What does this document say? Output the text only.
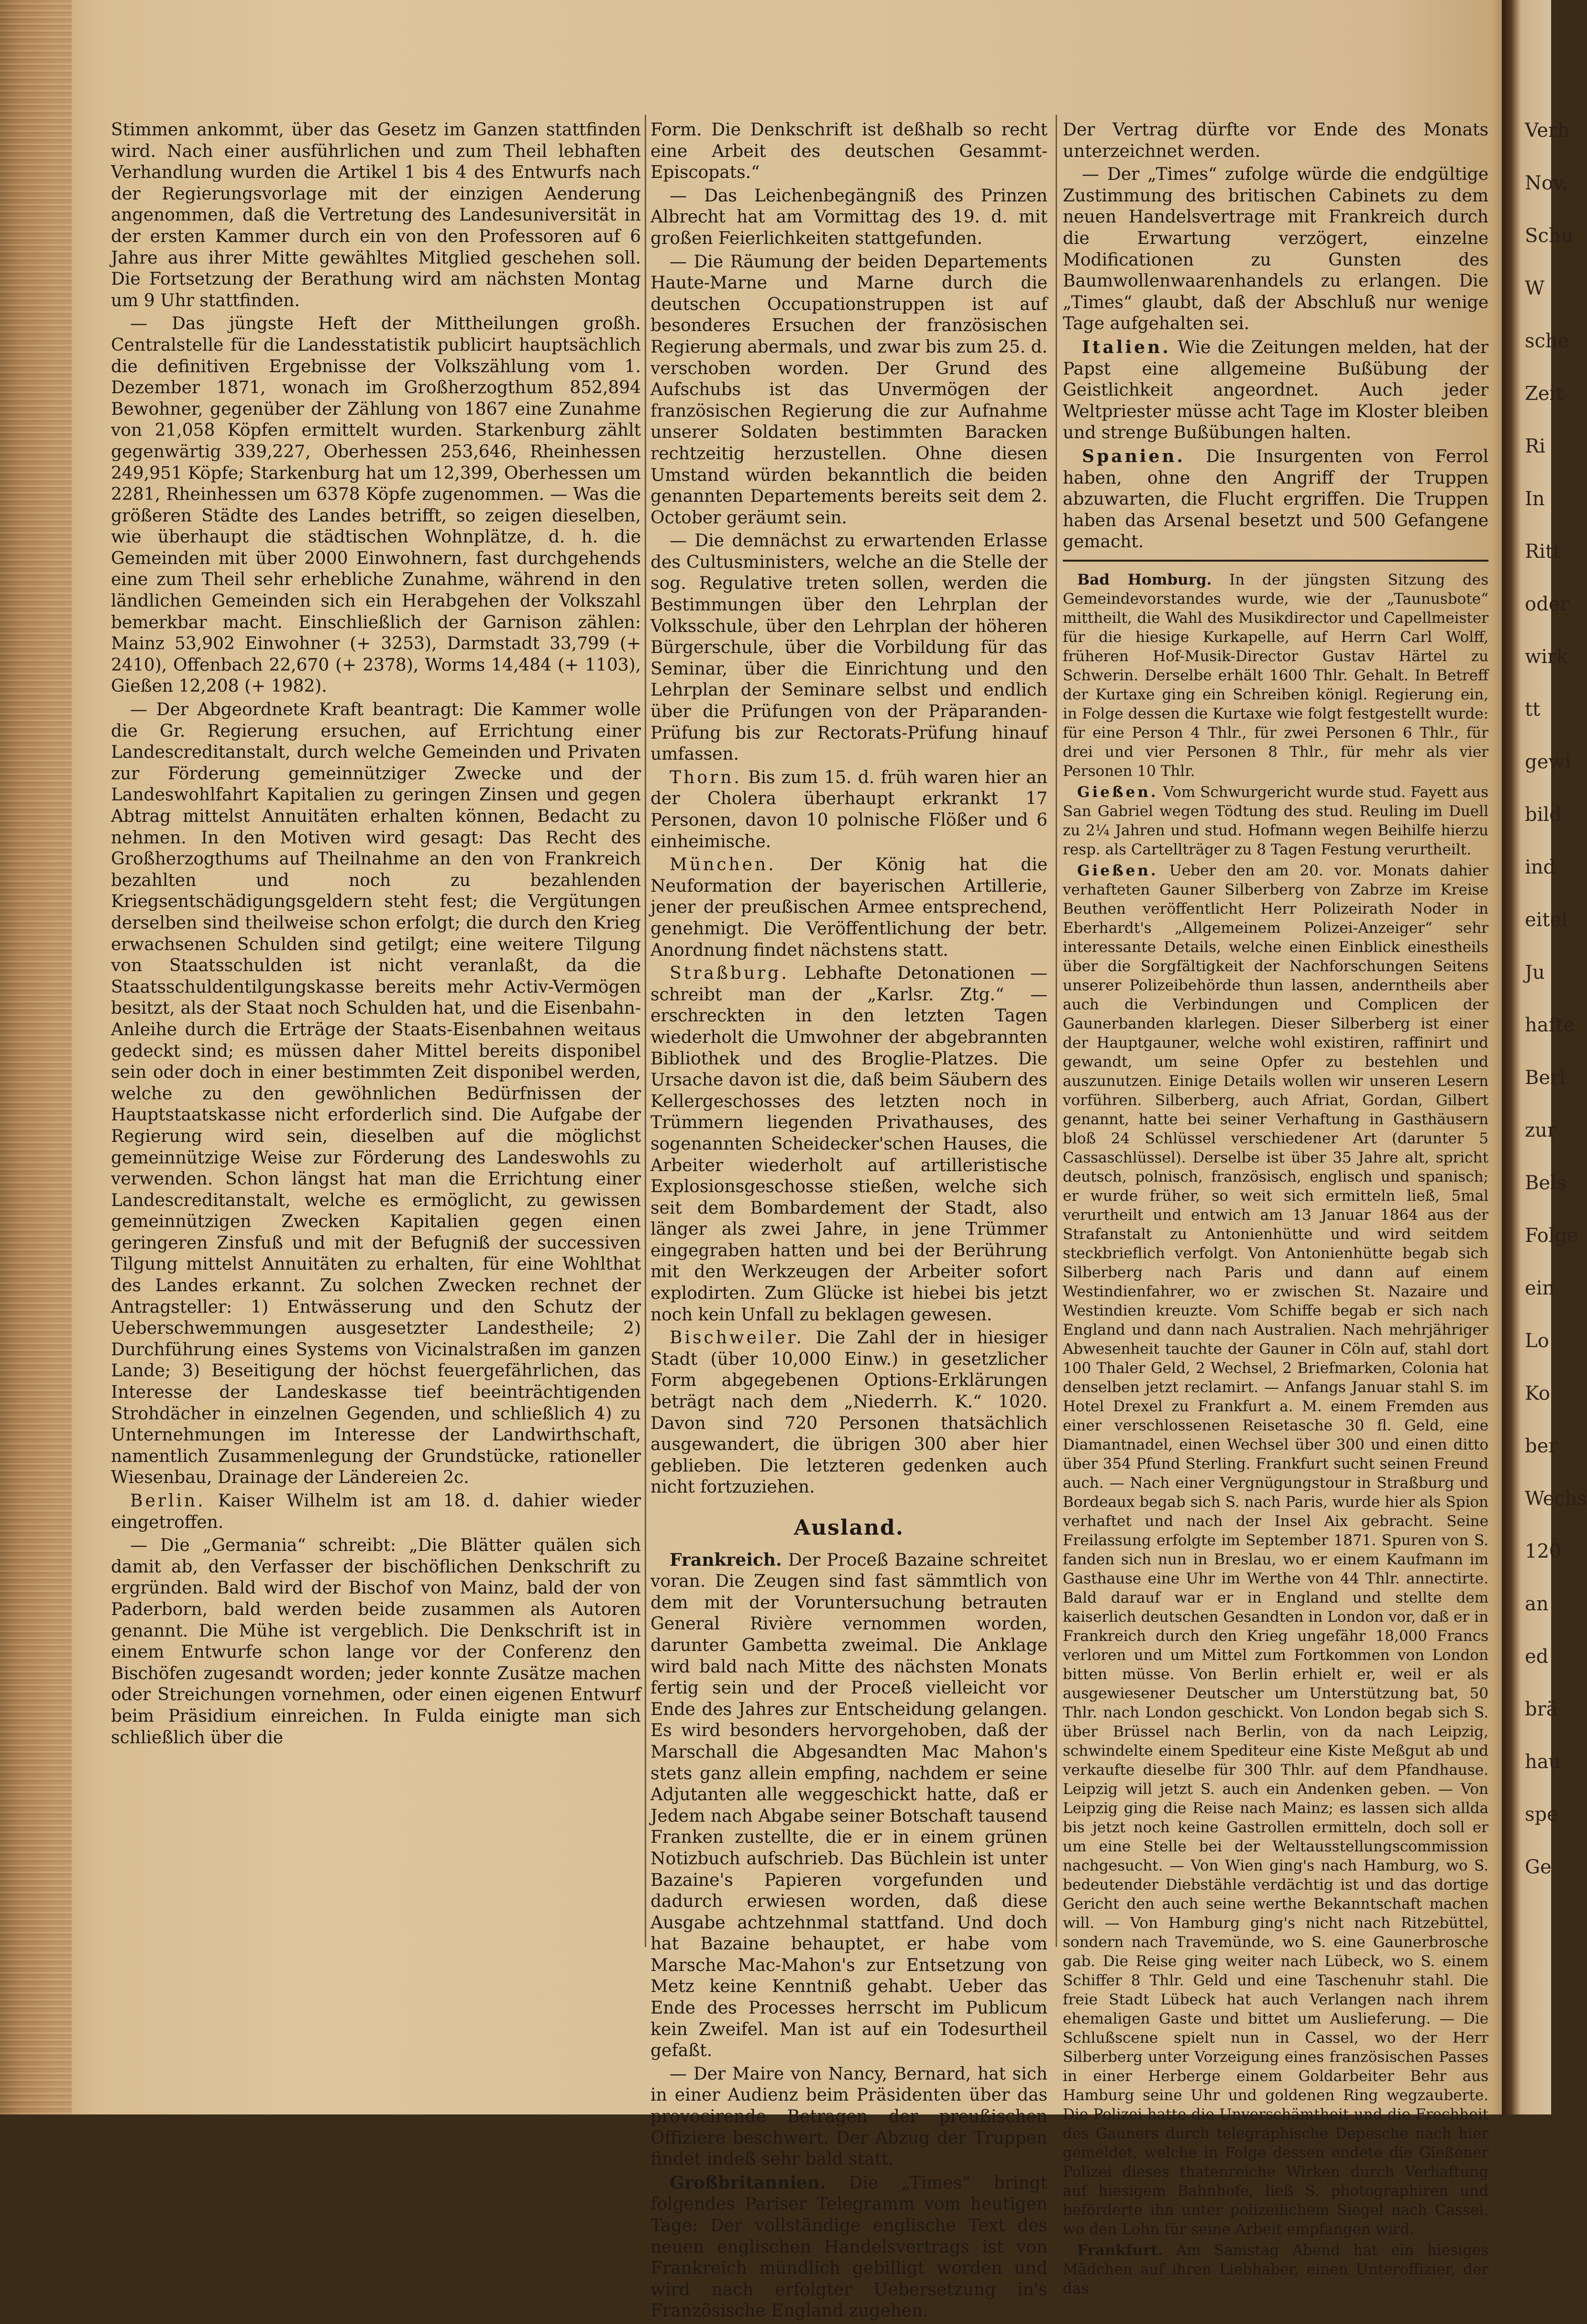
Stimmen ankommt, über das Gesetz im Ganzen stattfinden wird. Nach einer ausführlichen und zum Theil lebhaften Verhandlung wurden die Artikel 1 bis 4 des Entwurfs nach der Regierungsvorlage mit der einzigen Aenderung angenommen, daß die Vertretung des Landesuniversität in der ersten Kammer durch ein von den Professoren auf 6 Jahre aus ihrer Mitte gewähltes Mitglied geschehen soll. Die Fortsetzung der Berathung wird am nächsten Montag um 9 Uhr stattfinden.

— Das jüngste Heft der Mittheilungen großh. Centralstelle für die Landesstatistik publicirt hauptsächlich die definitiven Ergebnisse der Volkszählung vom 1. Dezember 1871, wonach im Großherzogthum 852,894 Bewohner, gegenüber der Zählung von 1867 eine Zunahme von 21,058 Köpfen ermittelt wurden. Starkenburg zählt gegenwärtig 339,227, Oberhessen 253,646, Rheinhessen 249,951 Köpfe; Starkenburg hat um 12,399, Oberhessen um 2281, Rheinhessen um 6378 Köpfe zugenommen. — Was die größeren Städte des Landes betrifft, so zeigen dieselben, wie überhaupt die städtischen Wohnplätze, d. h. die Gemeinden mit über 2000 Einwohnern, fast durchgehends eine zum Theil sehr erhebliche Zunahme, während in den ländlichen Gemeinden sich ein Herabgehen der Volkszahl bemerkbar macht. Einschließlich der Garnison zählen: Mainz 53,902 Einwohner (+ 3253), Darmstadt 33,799 (+ 2410), Offenbach 22,670 (+ 2378), Worms 14,484 (+ 1103), Gießen 12,208 (+ 1982).

— Der Abgeordnete Kraft beantragt: Die Kammer wolle die Gr. Regierung ersuchen, auf Errichtung einer Landescreditanstalt, durch welche Gemeinden und Privaten zur Förderung gemeinnütziger Zwecke und der Landeswohlfahrt Kapitalien zu geringen Zinsen und gegen Abtrag mittelst Annuitäten erhalten können, Bedacht zu nehmen. In den Motiven wird gesagt: Das Recht des Großherzogthums auf Theilnahme an den von Frankreich bezahlten und noch zu bezahlenden Kriegsentschädigungsgeldern steht fest; die Vergütungen derselben sind theilweise schon erfolgt; die durch den Krieg erwachsenen Schulden sind getilgt; eine weitere Tilgung von Staatsschulden ist nicht veranlaßt, da die Staatsschuldentilgungskasse bereits mehr Activ-Vermögen besitzt, als der Staat noch Schulden hat, und die Eisenbahn-Anleihe durch die Erträge der Staats-Eisenbahnen weitaus gedeckt sind; es müssen daher Mittel bereits disponibel sein oder doch in einer bestimmten Zeit disponibel werden, welche zu den gewöhnlichen Bedürfnissen der Hauptstaatskasse nicht erforderlich sind. Die Aufgabe der Regierung wird sein, dieselben auf die möglichst gemeinnützige Weise zur Förderung des Landeswohls zu verwenden. Schon längst hat man die Errichtung einer Landescreditanstalt, welche es ermöglicht, zu gewissen gemeinnützigen Zwecken Kapitalien gegen einen geringeren Zinsfuß und mit der Befugniß der successiven Tilgung mittelst Annuitäten zu erhalten, für eine Wohlthat des Landes erkannt. Zu solchen Zwecken rechnet der Antragsteller: 1) Entwässerung und den Schutz der Ueberschwemmungen ausgesetzter Landestheile; 2) Durchführung eines Systems von Vicinalstraßen im ganzen Lande; 3) Beseitigung der höchst feuergefährlichen, das Interesse der Landeskasse tief beeinträchtigenden Strohdächer in einzelnen Gegenden, und schließlich 4) zu Unternehmungen im Interesse der Landwirthschaft, namentlich Zusammenlegung der Grundstücke, rationeller Wiesenbau, Drainage der Ländereien 2c.

Berlin. Kaiser Wilhelm ist am 18. d. dahier wieder eingetroffen.

— Die „Germania“ schreibt: „Die Blätter quälen sich damit ab, den Verfasser der bischöflichen Denkschrift zu ergründen. Bald wird der Bischof von Mainz, bald der von Paderborn, bald werden beide zusammen als Autoren genannt. Die Mühe ist vergeblich. Die Denkschrift ist in einem Entwurfe schon lange vor der Conferenz den Bischöfen zugesandt worden; jeder konnte Zusätze machen oder Streichungen vornehmen, oder einen eigenen Entwurf beim Präsidium einreichen. In Fulda einigte man sich schließlich über die

Form. Die Denkschrift ist deßhalb so recht eine Arbeit des deutschen Gesammt-Episcopats.“

— Das Leichenbegängniß des Prinzen Albrecht hat am Vormittag des 19. d. mit großen Feierlichkeiten stattgefunden.

— Die Räumung der beiden Departements Haute-Marne und Marne durch die deutschen Occupationstruppen ist auf besonderes Ersuchen der französischen Regierung abermals, und zwar bis zum 25. d. verschoben worden. Der Grund des Aufschubs ist das Unvermögen der französischen Regierung die zur Aufnahme unserer Soldaten bestimmten Baracken rechtzeitig herzustellen. Ohne diesen Umstand würden bekanntlich die beiden genannten Departements bereits seit dem 2. October geräumt sein.

— Die demnächst zu erwartenden Erlasse des Cultusministers, welche an die Stelle der sog. Regulative treten sollen, werden die Bestimmungen über den Lehrplan der Volksschule, über den Lehrplan der höheren Bürgerschule, über die Vorbildung für das Seminar, über die Einrichtung und den Lehrplan der Seminare selbst und endlich über die Prüfungen von der Präparanden-Prüfung bis zur Rectorats-Prüfung hinauf umfassen.

Thorn. Bis zum 15. d. früh waren hier an der Cholera überhaupt erkrankt 17 Personen, davon 10 polnische Flößer und 6 einheimische.

München. Der König hat die Neuformation der bayerischen Artillerie, jener der preußischen Armee entsprechend, genehmigt. Die Veröffentlichung der betr. Anordnung findet nächstens statt.

Straßburg. Lebhafte Detonationen — schreibt man der „Karlsr. Ztg.“ — erschreckten in den letzten Tagen wiederholt die Umwohner der abgebrannten Bibliothek und des Broglie-Platzes. Die Ursache davon ist die, daß beim Säubern des Kellergeschosses des letzten noch in Trümmern liegenden Privathauses, des sogenannten Scheidecker'schen Hauses, die Arbeiter wiederholt auf artilleristische Explosionsgeschosse stießen, welche sich seit dem Bombardement der Stadt, also länger als zwei Jahre, in jene Trümmer eingegraben hatten und bei der Berührung mit den Werkzeugen der Arbeiter sofort explodirten. Zum Glücke ist hiebei bis jetzt noch kein Unfall zu beklagen gewesen.

Bischweiler. Die Zahl der in hiesiger Stadt (über 10,000 Einw.) in gesetzlicher Form abgegebenen Options-Erklärungen beträgt nach dem „Niederrh. K.“ 1020. Davon sind 720 Personen thatsächlich ausgewandert, die übrigen 300 aber hier geblieben. Die letzteren gedenken auch nicht fortzuziehen.

Ausland.

Frankreich. Der Proceß Bazaine schreitet voran. Die Zeugen sind fast sämmtlich von dem mit der Voruntersuchung betrauten General Rivière vernommen worden, darunter Gambetta zweimal. Die Anklage wird bald nach Mitte des nächsten Monats fertig sein und der Proceß vielleicht vor Ende des Jahres zur Entscheidung gelangen. Es wird besonders hervorgehoben, daß der Marschall die Abgesandten Mac Mahon's stets ganz allein empfing, nachdem er seine Adjutanten alle weggeschickt hatte, daß er Jedem nach Abgabe seiner Botschaft tausend Franken zustellte, die er in einem grünen Notizbuch aufschrieb. Das Büchlein ist unter Bazaine's Papieren vorgefunden und dadurch erwiesen worden, daß diese Ausgabe achtzehnmal stattfand. Und doch hat Bazaine behauptet, er habe vom Marsche Mac-Mahon's zur Entsetzung von Metz keine Kenntniß gehabt. Ueber das Ende des Processes herrscht im Publicum kein Zweifel. Man ist auf ein Todesurtheil gefaßt.

— Der Maire von Nancy, Bernard, hat sich in einer Audienz beim Präsidenten über das provocirende Betragen der preußischen Offiziere beschwert. Der Abzug der Truppen findet indeß sehr bald statt.

Großbritannien. Die „Times“ bringt folgendes Pariser Telegramm vom heutigen Tage: Der vollständige englische Text des neuen englischen Handelsvertrags ist von Frankreich mündlich gebilligt worden und wird nach erfolgter Uebersetzung in's Französische England zugehen.

Der Vertrag dürfte vor Ende des Monats unterzeichnet werden.

— Der „Times“ zufolge würde die endgültige Zustimmung des britischen Cabinets zu dem neuen Handelsvertrage mit Frankreich durch die Erwartung verzögert, einzelne Modificationen zu Gunsten des Baumwollenwaarenhandels zu erlangen. Die „Times“ glaubt, daß der Abschluß nur wenige Tage aufgehalten sei.

Italien. Wie die Zeitungen melden, hat der Papst eine allgemeine Bußübung der Geistlichkeit angeordnet. Auch jeder Weltpriester müsse acht Tage im Kloster bleiben und strenge Bußübungen halten.

Spanien. Die Insurgenten von Ferrol haben, ohne den Angriff der Truppen abzuwarten, die Flucht ergriffen. Die Truppen haben das Arsenal besetzt und 500 Gefangene gemacht.

Bad Homburg. In der jüngsten Sitzung des Gemeindevorstandes wurde, wie der „Taunusbote“ mittheilt, die Wahl des Musikdirector und Capellmeister für die hiesige Kurkapelle, auf Herrn Carl Wolff, früheren Hof-Musik-Director Gustav Härtel zu Schwerin. Derselbe erhält 1600 Thlr. Gehalt. In Betreff der Kurtaxe ging ein Schreiben königl. Regierung ein, in Folge dessen die Kurtaxe wie folgt festgestellt wurde: für eine Person 4 Thlr., für zwei Personen 6 Thlr., für drei und vier Personen 8 Thlr., für mehr als vier Personen 10 Thlr.

Gießen. Vom Schwurgericht wurde stud. Fayett aus San Gabriel wegen Tödtung des stud. Reuling im Duell zu 2¼ Jahren und stud. Hofmann wegen Beihilfe hierzu resp. als Cartellträger zu 8 Tagen Festung verurtheilt.

Gießen. Ueber den am 20. vor. Monats dahier verhafteten Gauner Silberberg von Zabrze im Kreise Beuthen veröffentlicht Herr Polizeirath Noder in Eberhardt's „Allgemeinem Polizei-Anzeiger“ sehr interessante Details, welche einen Einblick einestheils über die Sorgfältigkeit der Nachforschungen Seitens unserer Polizeibehörde thun lassen, anderntheils aber auch die Verbindungen und Complicen der Gaunerbanden klarlegen. Dieser Silberberg ist einer der Hauptgauner, welche wohl existiren, raffinirt und gewandt, um seine Opfer zu bestehlen und auszunutzen. Einige Details wollen wir unseren Lesern vorführen. Silberberg, auch Afriat, Gordan, Gilbert genannt, hatte bei seiner Verhaftung in Gasthäusern bloß 24 Schlüssel verschiedener Art (darunter 5 Cassaschlüssel). Derselbe ist über 35 Jahre alt, spricht deutsch, polnisch, französisch, englisch und spanisch; er wurde früher, so weit sich ermitteln ließ, 5mal verurtheilt und entwich am 13 Januar 1864 aus der Strafanstalt zu Antonienhütte und wird seitdem steckbrieflich verfolgt. Von Antonienhütte begab sich Silberberg nach Paris und dann auf einem Westindienfahrer, wo er zwischen St. Nazaire und Westindien kreuzte. Vom Schiffe begab er sich nach England und dann nach Australien. Nach mehrjähriger Abwesenheit tauchte der Gauner in Cöln auf, stahl dort 100 Thaler Geld, 2 Wechsel, 2 Briefmarken, Colonia hat denselben jetzt reclamirt. — Anfangs Januar stahl S. im Hotel Drexel zu Frankfurt a. M. einem Fremden aus einer verschlossenen Reisetasche 30 fl. Geld, eine Diamantnadel, einen Wechsel über 300 und einen ditto über 354 Pfund Sterling. Frankfurt sucht seinen Freund auch. — Nach einer Vergnügungstour in Straßburg und Bordeaux begab sich S. nach Paris, wurde hier als Spion verhaftet und nach der Insel Aix gebracht. Seine Freilassung erfolgte im September 1871. Spuren von S. fanden sich nun in Breslau, wo er einem Kaufmann im Gasthause eine Uhr im Werthe von 44 Thlr. annectirte. Bald darauf war er in England und stellte dem kaiserlich deutschen Gesandten in London vor, daß er in Frankreich durch den Krieg ungefähr 18,000 Francs verloren und um Mittel zum Fortkommen von London bitten müsse. Von Berlin erhielt er, weil er als ausgewiesener Deutscher um Unterstützung bat, 50 Thlr. nach London geschickt. Von London begab sich S. über Brüssel nach Berlin, von da nach Leipzig, schwindelte einem Spediteur eine Kiste Meßgut ab und verkaufte dieselbe für 300 Thlr. auf dem Pfandhause. Leipzig will jetzt S. auch ein Andenken geben. — Von Leipzig ging die Reise nach Mainz; es lassen sich allda bis jetzt noch keine Gastrollen ermitteln, doch soll er um eine Stelle bei der Weltausstellungscommission nachgesucht. — Von Wien ging's nach Hamburg, wo S. bedeutender Diebstähle verdächtig ist und das dortige Gericht den auch seine werthe Bekanntschaft machen will. — Von Hamburg ging's nicht nach Ritzebüttel, sondern nach Travemünde, wo S. eine Gaunerbrosche gab. Die Reise ging weiter nach Lübeck, wo S. einem Schiffer 8 Thlr. Geld und eine Taschenuhr stahl. Die freie Stadt Lübeck hat auch Verlangen nach ihrem ehemaligen Gaste und bittet um Auslieferung. — Die Schlußscene spielt nun in Cassel, wo der Herr Silberberg unter Vorzeigung eines französischen Passes in einer Herberge einem Goldarbeiter Behr aus Hamburg seine Uhr und goldenen Ring wegzauberte. Die Polizei hatte die Unverschämtheit und die Frechheit des Gauners durch telegraphische Depesche nach hier gemeldet, welche in Folge dessen endete die Gießener Polizei dieses thatenreiche Wirken durch Verhaftung auf hiesigem Bahnhofe, ließ S. photographiren und beförderte ihn unter polizeilichem Siegel nach Cassel, wo den Lohn für seine Arbeit empfangen wird.

Frankfurt. Am Samstag Abend hat ein hiesiges Mädchen auf ihren Liebhaber, einen Unteroffizier, der das

Verh
Nov.
Schu
W
sche
Zeit
Ri
In
Ritt
oder
wirk
tt
gewi
bild
ind
eitel
Ju
hafte
Berl
zur
Bels
Folge
ein
Lo
Ko
ber
Wechs
120
an
ed
brä
hau
spe
Ge
